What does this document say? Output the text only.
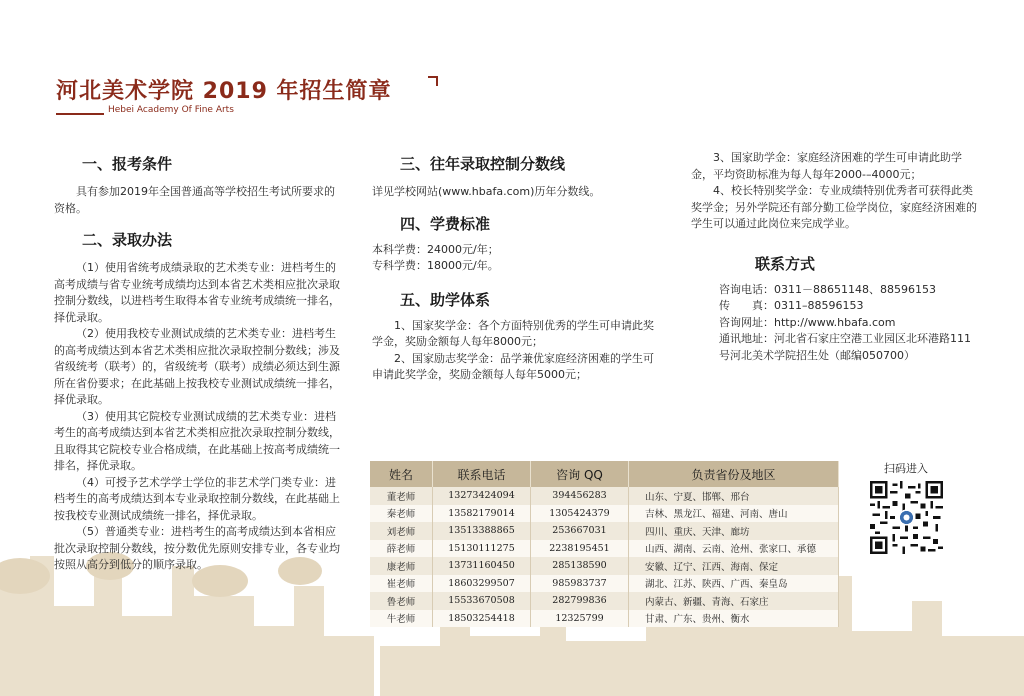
河北美术学院 2019 年招生简章
Hebei Academy Of Fine Arts
一、报考条件

具有参加2019年全国普通高等学校招生考试所要求的资格。

二、录取办法

（1）使用省统考成绩录取的艺术类专业：进档考生的高考成绩与省专业统考成绩均达到本省艺术类相应批次录取控制分数线，以进档考生取得本省专业统考成绩统一排名，择优录取。

（2）使用我校专业测试成绩的艺术类专业：进档考生的高考成绩达到本省艺术类相应批次录取控制分数线；涉及省级统考（联考）的，省级统考（联考）成绩必须达到生源所在省份要求；在此基础上按我校专业测试成绩统一排名，择优录取。

（3）使用其它院校专业测试成绩的艺术类专业：进档考生的高考成绩达到本省艺术类相应批次录取控制分数线，且取得其它院校专业合格成绩，在此基础上按高考成绩统一排名，择优录取。

（4）可授予艺术学学士学位的非艺术学门类专业：进档考生的高考成绩达到本专业录取控制分数线，在此基础上按我校专业测试成绩统一排名，择优录取。

（5）普通类专业：进档考生的高考成绩达到本省相应批次录取控制分数线，按分数优先原则安排专业，各专业均按照从高分到低分的顺序录取。

三、往年录取控制分数线

详见学校网站(www.hbafa.com)历年分数线。

四、学费标准

本科学费：24000元/年；

专科学费：18000元/年。

五、助学体系

1、国家奖学金：各个方面特别优秀的学生可申请此奖学金，奖励金额每人每年8000元；

2、国家励志奖学金：品学兼优家庭经济困难的学生可申请此奖学金，奖励金额每人每年5000元；

3、国家助学金：家庭经济困难的学生可申请此助学金，平均资助标准为每人每年2000-–4000元；

4、校长特别奖学金：专业成绩特别优秀者可获得此类奖学金；另外学院还有部分勤工俭学岗位，家庭经济困难的学生可以通过此岗位来完成学业。

联系方式
咨询电话：0311－88651148、88596153
传　　真：0311–88596153
咨询网址：http://www.hbafa.com

通讯地址：河北省石家庄空港工业园区北环港路111号河北美术学院招生处（邮编050700）

姓名	联系电话	咨询 QQ	负责省份及地区
董老师	13273424094	394456283	山东、宁夏、邯郸、邢台
秦老师	13582179014	1305424379	吉林、黑龙江、福建、河南、唐山
刘老师	13513388865	253667031	四川、重庆、天津、廊坊
薛老师	15130111275	2238195451	山西、湖南、云南、沧州、张家口、承德
康老师	13731160450	285138590	安徽、辽宁、江西、海南、保定
崔老师	18603299507	985983737	湖北、江苏、陕西、广西、秦皇岛
鲁老师	15533670508	282799836	内蒙古、新疆、青海、石家庄
牛老师	18503254418	12325799	甘肃、广东、贵州、衡水
扫码进入
